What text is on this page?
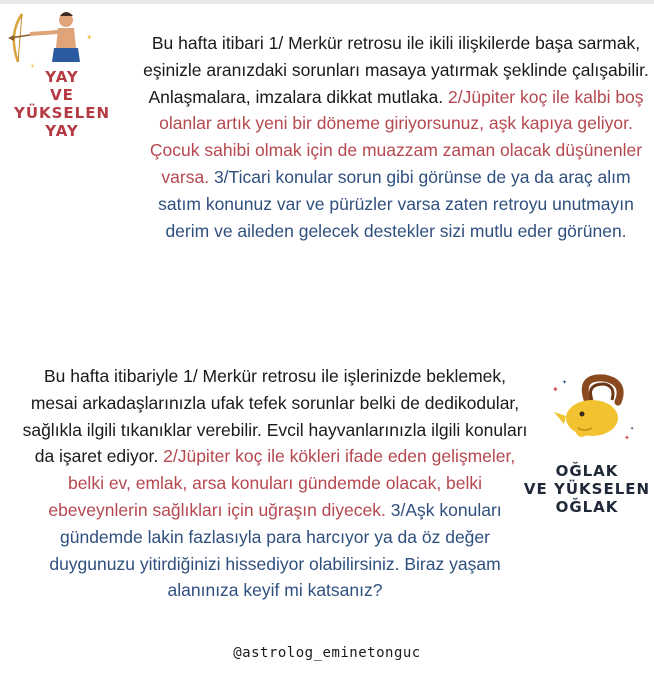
✦
✦
YAY
VE YÜKSELEN
YAY
Bu hafta itibari 1/ Merkür retrosu ile ikili ilişkilerde başa sarmak, eşinizle aranızdaki sorunları masaya yatırmak şeklinde çalışabilir. Anlaşmalara, imzalara dikkat mutlaka. 2/Jüpiter koç ile kalbi boş olanlar artık yeni bir döneme giriyorsunuz, aşk kapıya geliyor. Çocuk sahibi olmak için de muazzam zaman olacak düşünenler varsa. 3/Ticari konular sorun gibi görünse de ya da araç alım satım konunuz var ve pürüzler varsa zaten retroyu unutmayın derim ve aileden gelecek destekler sizi mutlu eder görünen.
Bu hafta itibariyle 1/ Merkür retrosu ile işlerinizde beklemek, mesai arkadaşlarınızla ufak tefek sorunlar belki de dedikodular, sağlıkla ilgili tıkanıklar verebilir. Evcil hayvanlarınızla ilgili konuları da işaret ediyor. 2/Jüpiter koç ile kökleri ifade eden gelişmeler, belki ev, emlak, arsa konuları gündemde olacak, belki ebeveynlerin sağlıkları için uğraşın diyecek. 3/Aşk konuları gündemde lakin fazlasıyla para harcıyor ya da öz değer duygunuzu yitirdiğinizi hissediyor olabilirsiniz. Biraz yaşam alanınıza keyif mi katsanız?
✦
✦
✦
✦
OĞLAK
VE YÜKSELEN
OĞLAK
@astrolog_eminetonguc
